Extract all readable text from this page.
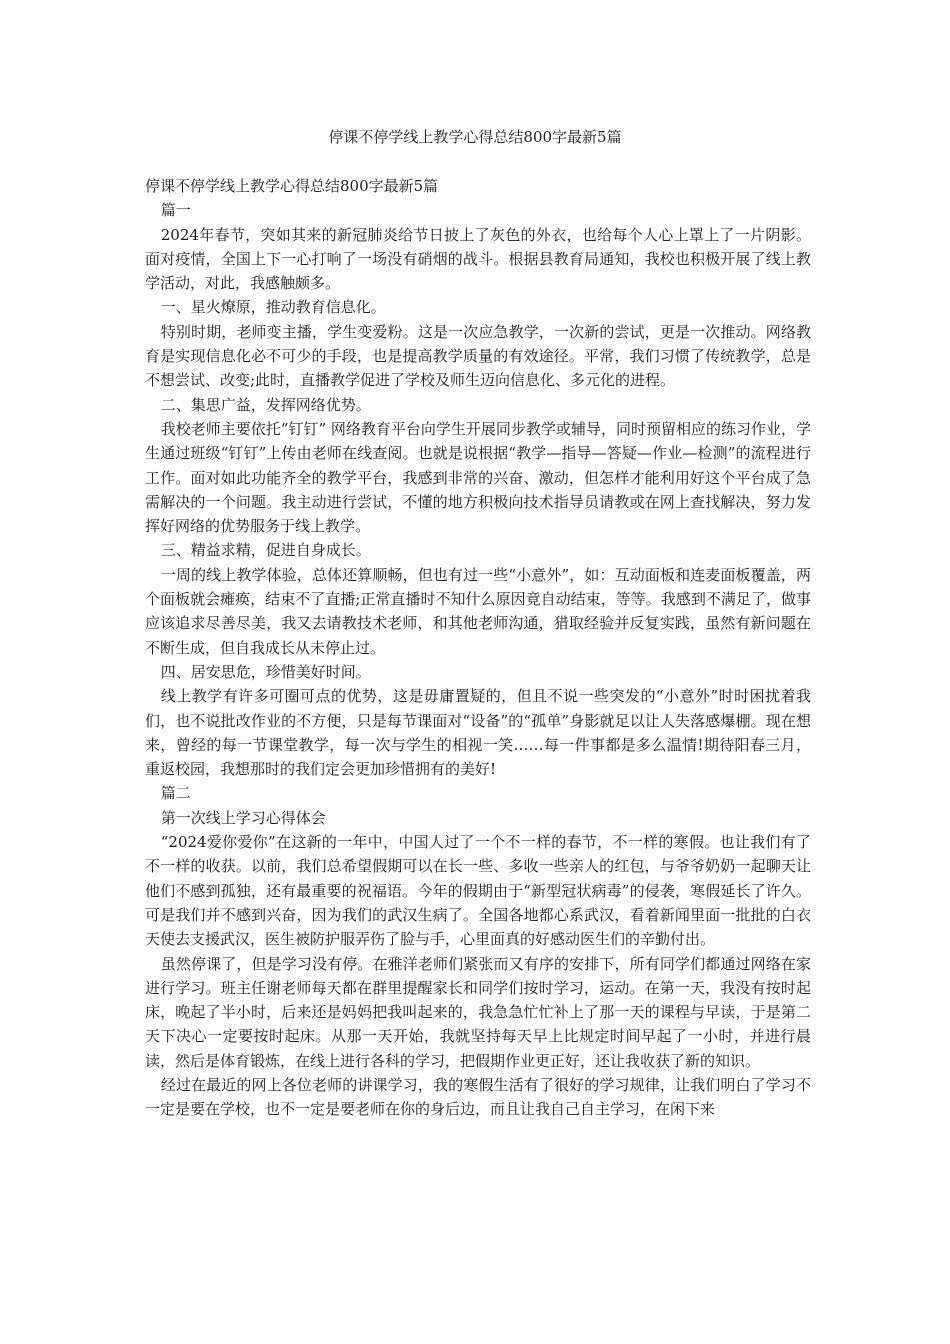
停课不停学线上教学心得总结800字最新5篇

停课不停学线上教学心得总结800字最新5篇

篇一

2024年春节，突如其来的新冠肺炎给节日披上了灰色的外衣，也给每个人心上罩上了一片阴影。面对疫情，全国上下一心打响了一场没有硝烟的战斗。根据县教育局通知，我校也积极开展了线上教学活动，对此，我感触颇多。

一、星火燎原，推动教育信息化。

特别时期，老师变主播，学生变爱粉。这是一次应急教学，一次新的尝试，更是一次推动。网络教育是实现信息化必不可少的手段，也是提高教学质量的有效途径。平常，我们习惯了传统教学，总是不想尝试、改变;此时，直播教学促进了学校及师生迈向信息化、多元化的进程。

二、集思广益，发挥网络优势。

我校老师主要依托“钉钉” 网络教育平台向学生开展同步教学或辅导，同时预留相应的练习作业，学生通过班级“钉钉”上传由老师在线查阅。也就是说根据“教学—指导—答疑—作业—检测”的流程进行工作。面对如此功能齐全的教学平台，我感到非常的兴奋、激动，但怎样才能利用好这个平台成了急需解决的一个问题。我主动进行尝试，不懂的地方积极向技术指导员请教或在网上查找解决，努力发挥好网络的优势服务于线上教学。

三、精益求精，促进自身成长。

一周的线上教学体验，总体还算顺畅，但也有过一些“小意外”，如：互动面板和连麦面板覆盖，两个面板就会瘫痪，结束不了直播;正常直播时不知什么原因竟自动结束，等等。我感到不满足了，做事应该追求尽善尽美，我又去请教技术老师，和其他老师沟通，猎取经验并反复实践，虽然有新问题在不断生成，但自我成长从未停止过。

四、居安思危，珍惜美好时间。

线上教学有许多可圈可点的优势，这是毋庸置疑的，但且不说一些突发的“小意外”时时困扰着我们，也不说批改作业的不方便，只是每节课面对“设备”的“孤单”身影就足以让人失落感爆棚。现在想来，曾经的每一节课堂教学，每一次与学生的相视一笑……每一件事都是多么温情!期待阳春三月，重返校园，我想那时的我们定会更加珍惜拥有的美好!

篇二

第一次线上学习心得体会

“2024爱你爱你”在这新的一年中，中国人过了一个不一样的春节，不一样的寒假。也让我们有了不一样的收获。以前，我们总希望假期可以在长一些、多收一些亲人的红包，与爷爷奶奶一起聊天让他们不感到孤独，还有最重要的祝福语。今年的假期由于“新型冠状病毒”的侵袭，寒假延长了许久。可是我们并不感到兴奋，因为我们的武汉生病了。全国各地都心系武汉，看着新闻里面一批批的白衣天使去支援武汉，医生被防护服弄伤了脸与手，心里面真的好感动医生们的辛勤付出。

虽然停课了，但是学习没有停。在雅洋老师们紧张而又有序的安排下，所有同学们都通过网络在家进行学习。班主任谢老师每天都在群里提醒家长和同学们按时学习，运动。在第一天，我没有按时起床，晚起了半小时，后来还是妈妈把我叫起来的，我急急忙忙补上了那一天的课程与早读，于是第二天下决心一定要按时起床。从那一天开始，我就坚持每天早上比规定时间早起了一小时，并进行晨读，然后是体育锻炼，在线上进行各科的学习，把假期作业更正好，还让我收获了新的知识。

经过在最近的网上各位老师的讲课学习，我的寒假生活有了很好的学习规律，让我们明白了学习不一定是要在学校，也不一定是要老师在你的身后边，而且让我自己自主学习，在闲下来
